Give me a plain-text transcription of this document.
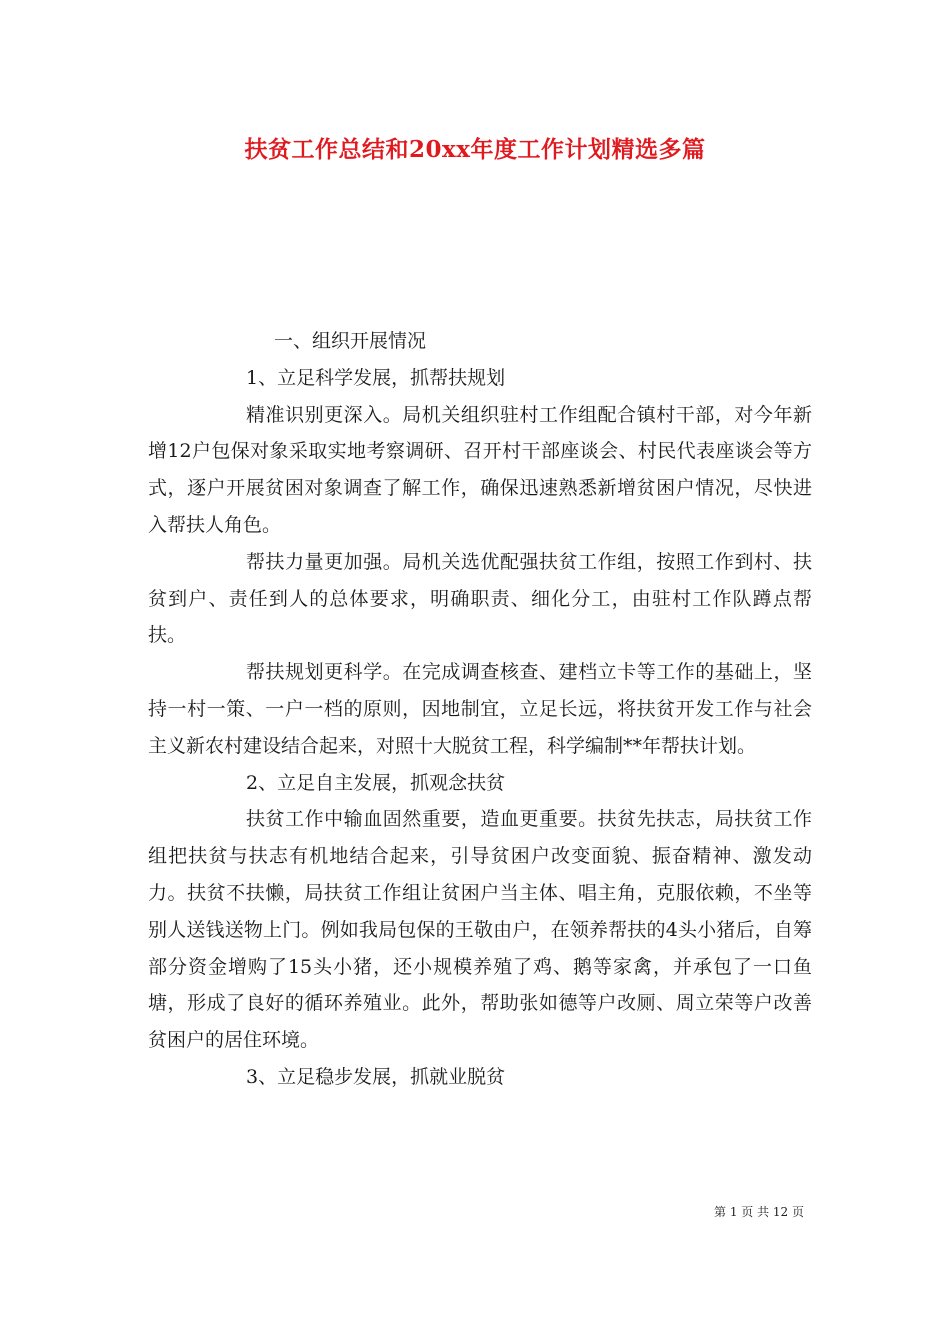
扶贫工作总结和20xx年度工作计划精选多篇

一、组织开展情况

1、立足科学发展，抓帮扶规划

精准识别更深入。局机关组织驻村工作组配合镇村干部，对今年新增12户包保对象采取实地考察调研、召开村干部座谈会、村民代表座谈会等方式，逐户开展贫困对象调查了解工作，确保迅速熟悉新增贫困户情况，尽快进入帮扶人角色。

帮扶力量更加强。局机关选优配强扶贫工作组，按照工作到村、扶贫到户、责任到人的总体要求，明确职责、细化分工，由驻村工作队蹲点帮扶。

帮扶规划更科学。在完成调查核查、建档立卡等工作的基础上，坚持一村一策、一户一档的原则，因地制宜，立足长远，将扶贫开发工作与社会主义新农村建设结合起来，对照十大脱贫工程，科学编制**年帮扶计划。

2、立足自主发展，抓观念扶贫

扶贫工作中输血固然重要，造血更重要。扶贫先扶志，局扶贫工作组把扶贫与扶志有机地结合起来，引导贫困户改变面貌、振奋精神、激发动力。扶贫不扶懒，局扶贫工作组让贫困户当主体、唱主角，克服依赖，不坐等别人送钱送物上门。例如我局包保的王敬由户，在领养帮扶的4头小猪后，自筹部分资金增购了15头小猪，还小规模养殖了鸡、鹅等家禽，并承包了一口鱼塘，形成了良好的循环养殖业。此外，帮助张如德等户改厕、周立荣等户改善贫困户的居住环境。

3、立足稳步发展，抓就业脱贫

第 1 页 共 12 页
